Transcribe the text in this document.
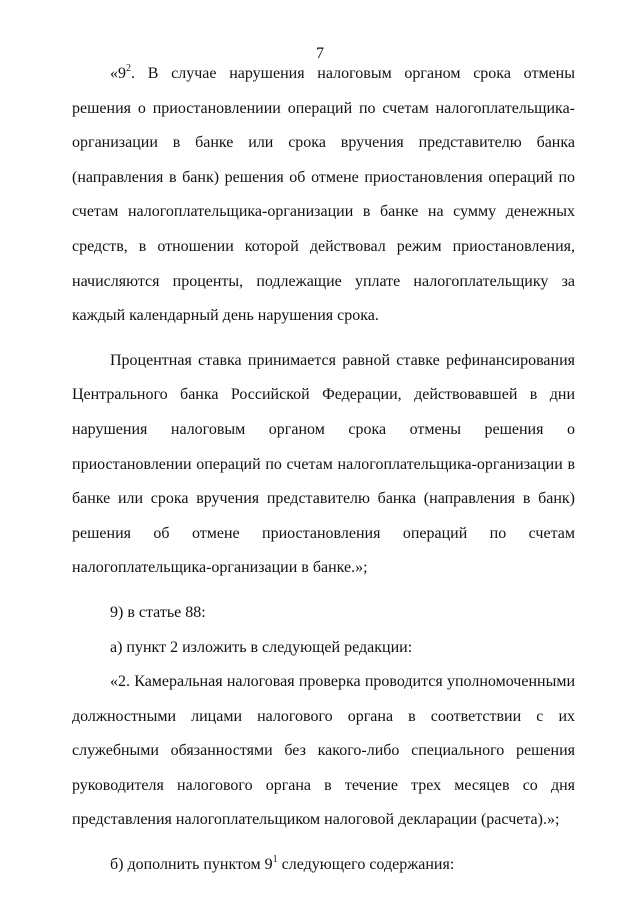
7

«$9^2$. В случае нарушения налоговым органом срока отмены решения о приостановлениии операций по счетам налогоплательщика-организации в банке или срока вручения представителю банка (направления в банк) решения об отмене приостановления операций по счетам налогоплательщика-организации в банке на сумму денежных средств, в отношении которой действовал режим приостановления, начисляются проценты, подлежащие уплате налогоплательщику за каждый календарный день нарушения срока.

Процентная ставка принимается равной ставке рефинансирования Центрального банка Российской Федерации, действовавшей в дни нарушения налоговым органом срока отмены решения о приостановлении операций по счетам налогоплательщика-организации в банке или срока вручения представителю банка (направления в банк) решения об отмене приостановления операций по счетам налогоплательщика-организации в банке.»;

9) в статье 88:

а) пункт 2 изложить в следующей редакции:

«2. Камеральная налоговая проверка проводится уполномоченными должностными лицами налогового органа в соответствии с их служебными обязанностями без какого-либо специального решения руководителя налогового органа в течение трех месяцев со дня представления налогоплательщиком налоговой декларации (расчета).»;

б) дополнить пунктом $9^1$ следующего содержания:
